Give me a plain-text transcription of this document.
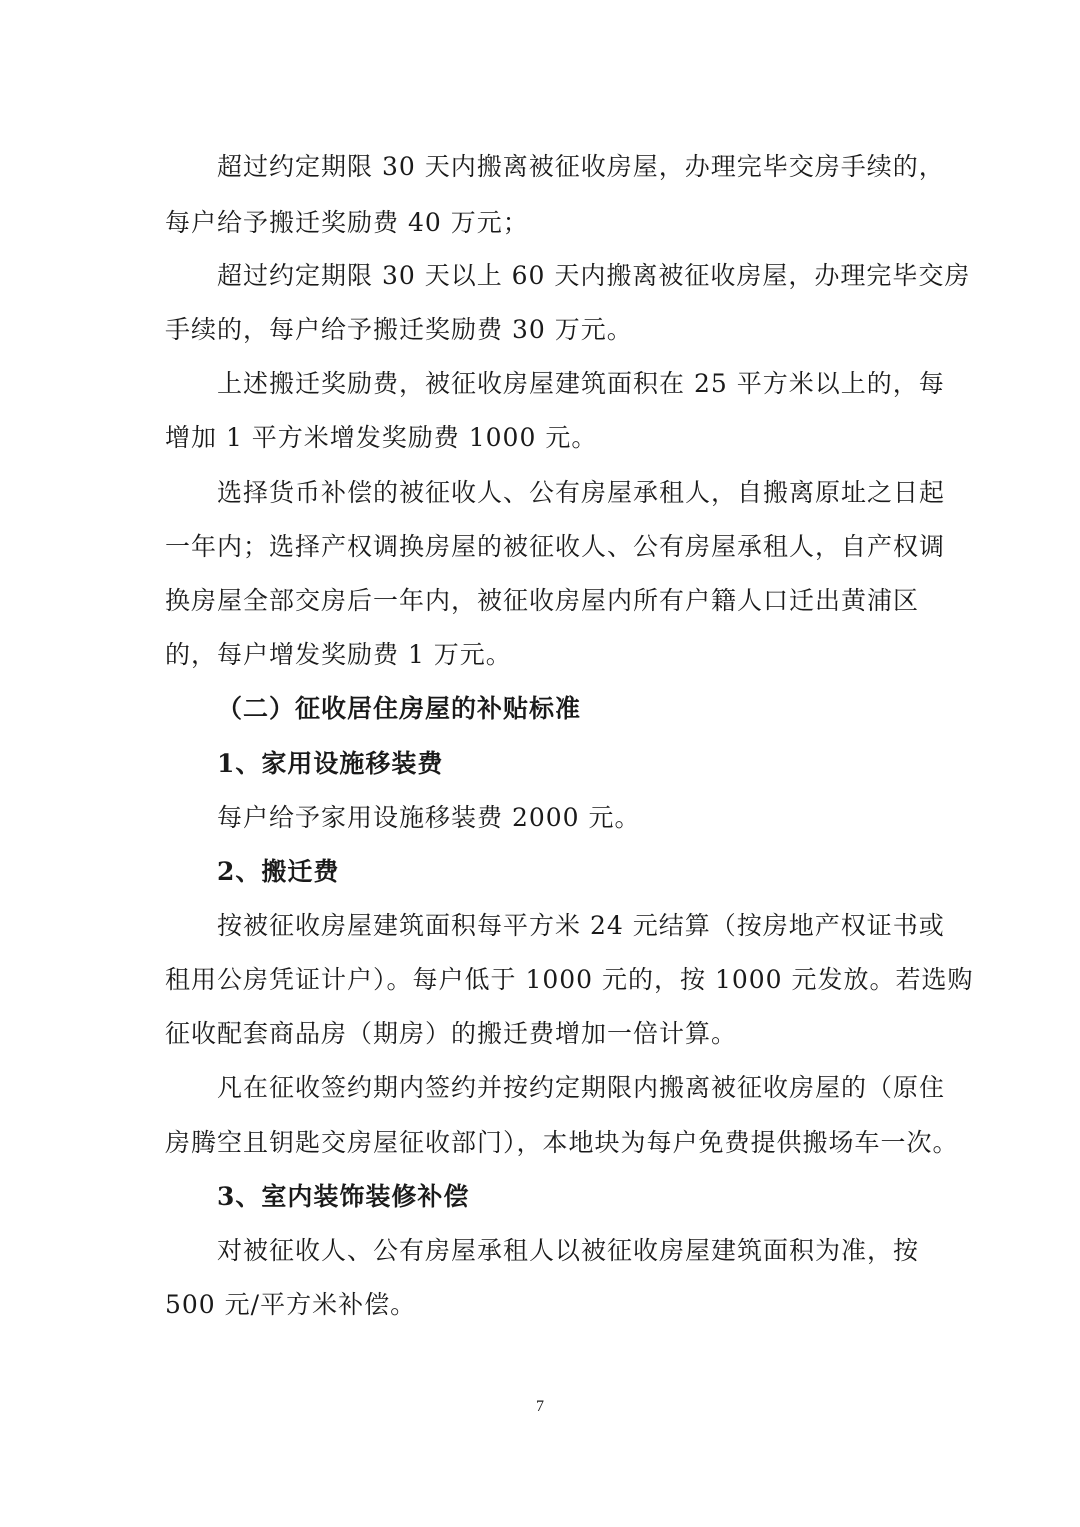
超过约定期限 30 天内搬离被征收房屋，办理完毕交房手续的，
每户给予搬迁奖励费 40 万元；
超过约定期限 30 天以上 60 天内搬离被征收房屋，办理完毕交房
手续的，每户给予搬迁奖励费 30 万元。
上述搬迁奖励费，被征收房屋建筑面积在 25 平方米以上的，每
增加 1 平方米增发奖励费 1000 元。
选择货币补偿的被征收人、公有房屋承租人，自搬离原址之日起
一年内；选择产权调换房屋的被征收人、公有房屋承租人，自产权调
换房屋全部交房后一年内，被征收房屋内所有户籍人口迁出黄浦区
的，每户增发奖励费 1 万元。
（二）征收居住房屋的补贴标准
1、家用设施移装费
每户给予家用设施移装费 2000 元。
2、搬迁费
按被征收房屋建筑面积每平方米 24 元结算（按房地产权证书或
租用公房凭证计户）。每户低于 1000 元的，按 1000 元发放。若选购
征收配套商品房（期房）的搬迁费增加一倍计算。
凡在征收签约期内签约并按约定期限内搬离被征收房屋的（原住
房腾空且钥匙交房屋征收部门），本地块为每户免费提供搬场车一次。
3、室内装饰装修补偿
对被征收人、公有房屋承租人以被征收房屋建筑面积为准，按
500 元/平方米补偿。
7
